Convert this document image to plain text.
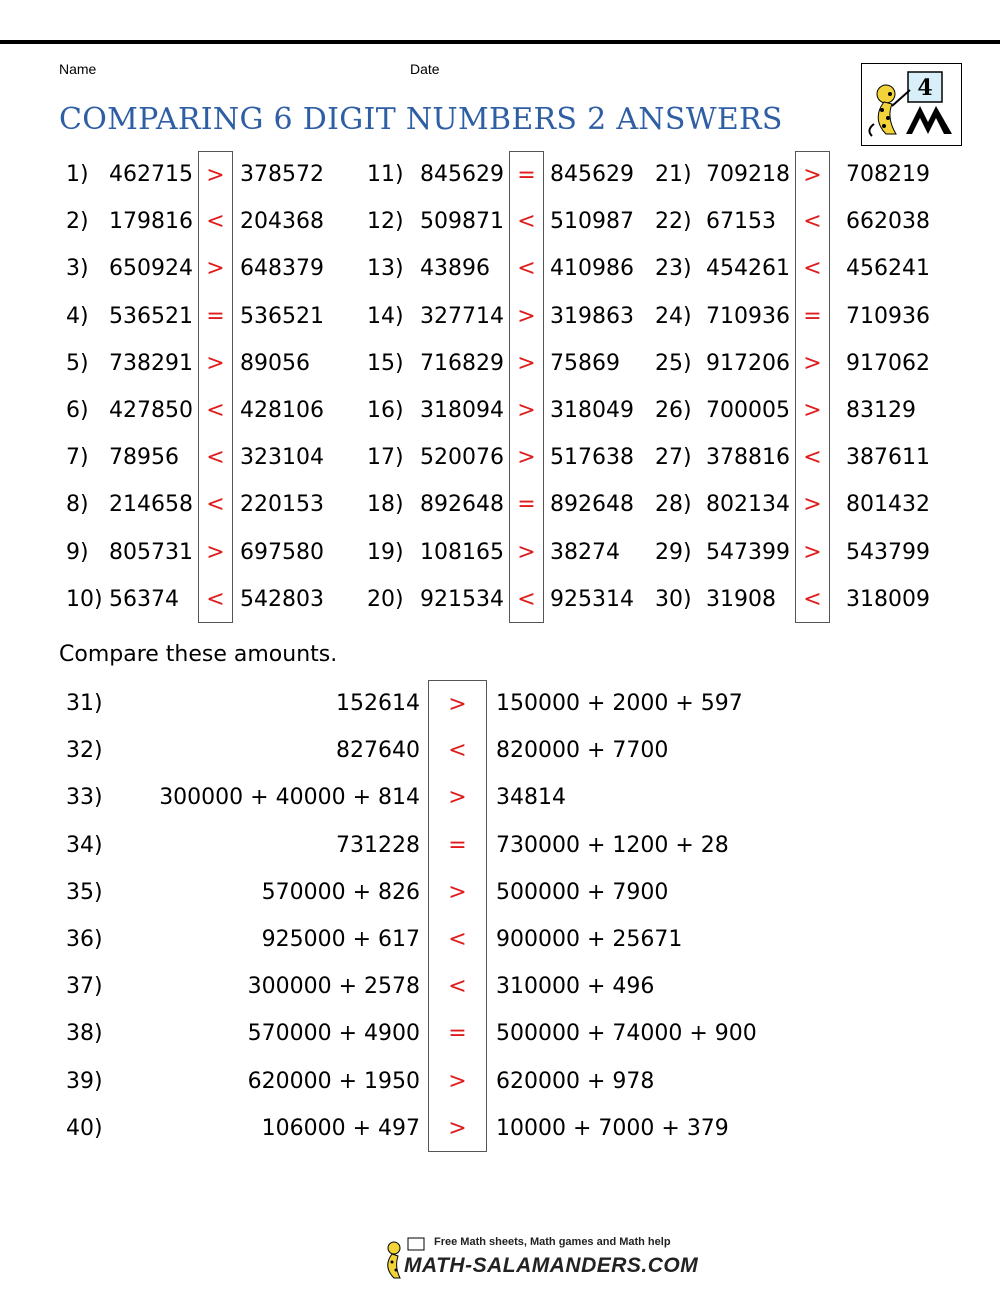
Name	Date
COMPARING 6 DIGIT NUMBERS 2 ANSWERS
4
1) 462715 > 378572	11) 845629 = 845629 21) 709218 >	708219
2) 179816 < 204368	12) 509871 < 510987 22) 67153	<	662038
3) 650924 > 648379	13) 43896	< 410986 23) 454261 <	456241
4) 536521 = 536521	14) 327714 > 319863 24) 710936 =	710936
5) 738291 > 89056	15) 716829 > 75869	25) 917206 >	917062
6) 427850 < 428106	16) 318094 > 318049 26) 700005 >	83129
7) 78956	< 323104	17) 520076 > 517638 27) 378816 <	387611
8) 214658 < 220153	18) 892648 = 892648 28) 802134 >	801432
9) 805731 > 697580	19) 108165 > 38274	29) 547399 >	543799
10) 56374	< 542803	20) 921534 < 925314 30) 31908	<	318009
Compare these amounts.
31)	152614	>	150000 + 2000 + 597
32)	827640	<	820000 + 7700
33)	300000 + 40000 + 814	>	34814
34)	731228	=	730000 + 1200 + 28
35)	570000 + 826	>	500000 + 7900
36)	925000 + 617	<	900000 + 25671
37)	300000 + 2578	<	310000 + 496
38)	570000 + 4900	=	500000 + 74000 + 900
39)	620000 + 1950	>	620000 + 978
40)	106000 + 497	>	10000 + 7000 + 379
Free Math sheets, Math games and Math help
MATH-SALAMANDERS.COM
